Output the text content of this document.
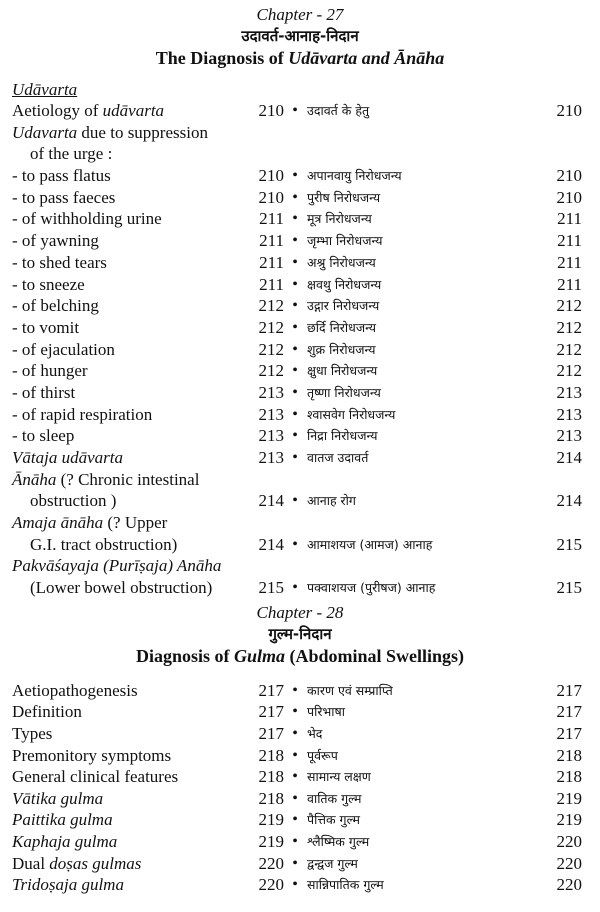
Chapter - 27
उदावर्त-आनाह-निदान
The Diagnosis of Udāvarta and Ānāha
Udāvarta
Aetiology of udāvarta	210 • उदावर्त के हेतु	210
Udavarta due to suppression
of the urge :
- to pass flatus	210 • अपानवायु निरोधजन्य	210
- to pass faeces	210 • पुरीष निरोधजन्य	210
- of withholding urine	211 • मूत्र निरोधजन्य	211
- of yawning	211 • जृम्भा निरोधजन्य	211
- to shed tears	211 • अश्रु निरोधजन्य	211
- to sneeze	211 • क्षवथु निरोधजन्य	211
- of belching	212 • उद्गार निरोधजन्य	212
- to vomit	212 • छर्दि निरोधजन्य	212
- of ejaculation	212 • शुक्र निरोधजन्य	212
- of hunger	212 • क्षुधा निरोधजन्य	212
- of thirst	213 • तृष्णा निरोधजन्य	213
- of rapid respiration	213 • श्वासवेग निरोधजन्य	213
- to sleep	213 • निद्रा निरोधजन्य	213
Vātaja udāvarta	213 • वातज उदावर्त	214
Ānāha (? Chronic intestinal
obstruction )	214 • आनाह रोग	214
Amaja ānāha (? Upper
G.I. tract obstruction)	214 • आमाशयज (आमज) आनाह	215
Pakvāśayaja (Purīṣaja) Anāha
(Lower bowel obstruction)	215 • पक्वाशयज (पुरीषज) आनाह	215
Chapter - 28
गुल्म-निदान
Diagnosis of Gulma (Abdominal Swellings)
Aetiopathogenesis	217 • कारण एवं सम्प्राप्ति	217
Definition	217 • परिभाषा	217
Types	217 • भेद	217
Premonitory symptoms	218 • पूर्वरूप	218
General clinical features	218 • सामान्य लक्षण	218
Vātika gulma	218 • वातिक गुल्म	219
Paittika gulma	219 • पैत्तिक गुल्म	219
Kaphaja gulma	219 • श्लैष्मिक गुल्म	220
Dual doṣas gulmas	220 • द्वन्द्वज गुल्म	220
Tridoṣaja gulma	220 • सान्निपातिक गुल्म	220
